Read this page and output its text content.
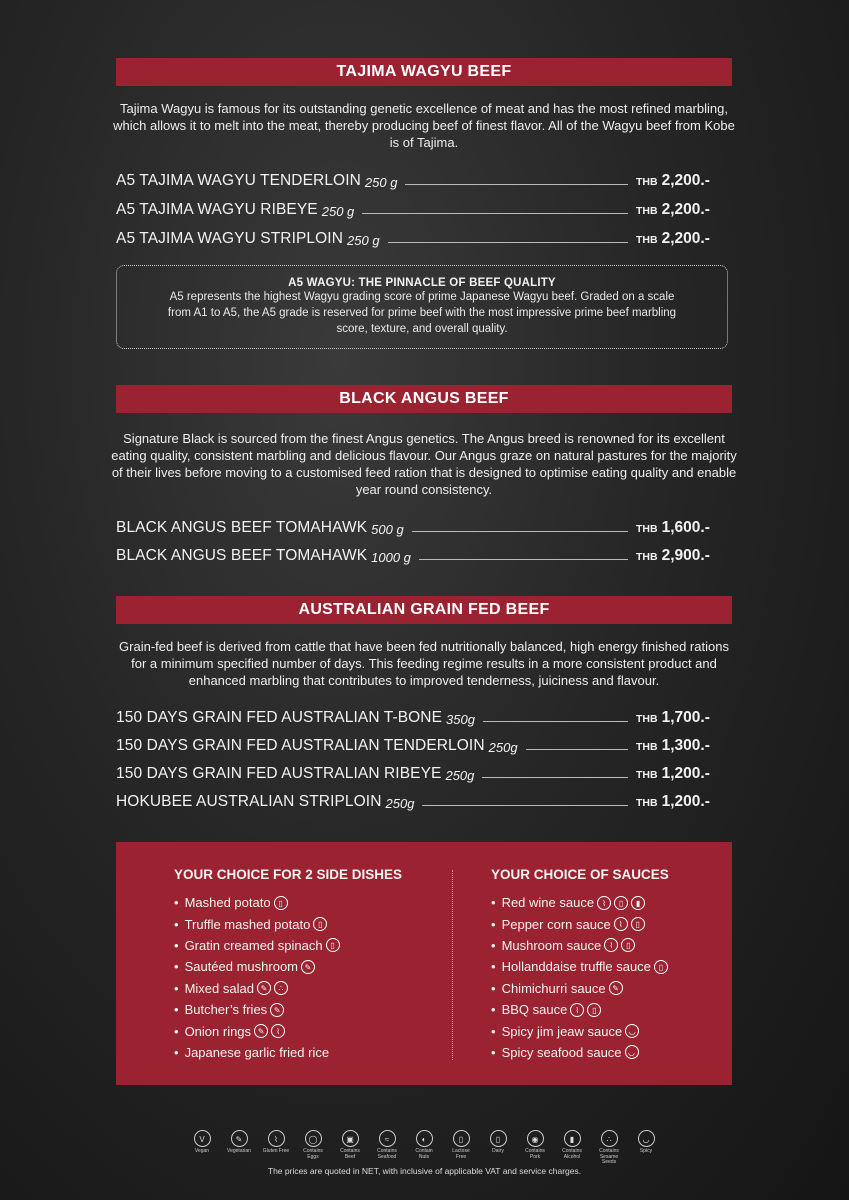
TAJIMA WAGYU BEEF
Tajima Wagyu is famous for its outstanding genetic excellence of meat and has the most refined marbling, which allows it to melt into the meat, thereby producing beef of finest flavor. All of the Wagyu beef from Kobe is of Tajima.
A5 WAGYU: THE PINNACLE OF BEEF QUALITY
A5 represents the highest Wagyu grading score of prime Japanese Wagyu beef. Graded on a scale from A1 to A5, the A5 grade is reserved for prime beef with the most impressive prime beef marbling score, texture, and overall quality.
BLACK ANGUS BEEF
Signature Black is sourced from the finest Angus genetics. The Angus breed is renowned for its excellent eating quality, consistent marbling and delicious flavour. Our Angus graze on natural pastures for the majority of their lives before moving to a customised feed ration that is designed to optimise eating quality and enable year round consistency.
AUSTRALIAN GRAIN FED BEEF
Grain-fed beef is derived from cattle that have been fed nutritionally balanced, high energy finished rations for a minimum specified number of days. This feeding regime results in a more consistent product and enhanced marbling that contributes to improved tenderness, juiciness and flavour.
A5 TAJIMA WAGYU TENDERLOIN 250 g	THB 2,200.-
A5 TAJIMA WAGYU RIBEYE 250 g	THB 2,200.-
A5 TAJIMA WAGYU STRIPLOIN 250 g	THB 2,200.-
BLACK ANGUS BEEF TOMAHAWK 500 g	THB 1,600.-
BLACK ANGUS BEEF TOMAHAWK 1000 g	THB 2,900.-
150 DAYS GRAIN FED AUSTRALIAN T-BONE 350g	THB 1,700.-
150 DAYS GRAIN FED AUSTRALIAN TENDERLOIN 250g	THB 1,300.-
150 DAYS GRAIN FED AUSTRALIAN RIBEYE 250g	THB 1,200.-
HOKUBEE AUSTRALIAN STRIPLOIN 250g	THB 1,200.-
YOUR CHOICE FOR 2 SIDE DISHES
• Mashed potato ▯
• Truffle mashed potato ▯
• Gratin creamed spinach ▯
• Sautéed mushroom ✎
• Mixed salad ✎	∴
• Butcher’s fries ✎
• Onion rings ✎	⌇
• Japanese garlic fried rice
YOUR CHOICE OF SAUCES
• Red wine sauce	⌇	▯	▮
• Pepper corn sauce	⌇	▯
• Mushroom sauce	⌇	▯
• Hollanddaise truffle sauce ▯
• Chimichurri sauce ✎
• BBQ sauce	⌇	▯
• Spicy jim jeaw sauce ◡
• Spicy seafood sauce ◡
V
Vegan
✎
Vegetarian
⌇
Gluten Free
◯
Contains Eggs
▣
Contains Beef
≈
Contains Seafood
◐
Contain Nuts
▯
Lactose Free
▯
Dairy
◉
Contains Pork
▮
Contains Alcohol
∴
Contains Sesame Seeds
◡
Spicy
The prices are quoted in NET, with inclusive of applicable VAT and service charges.
